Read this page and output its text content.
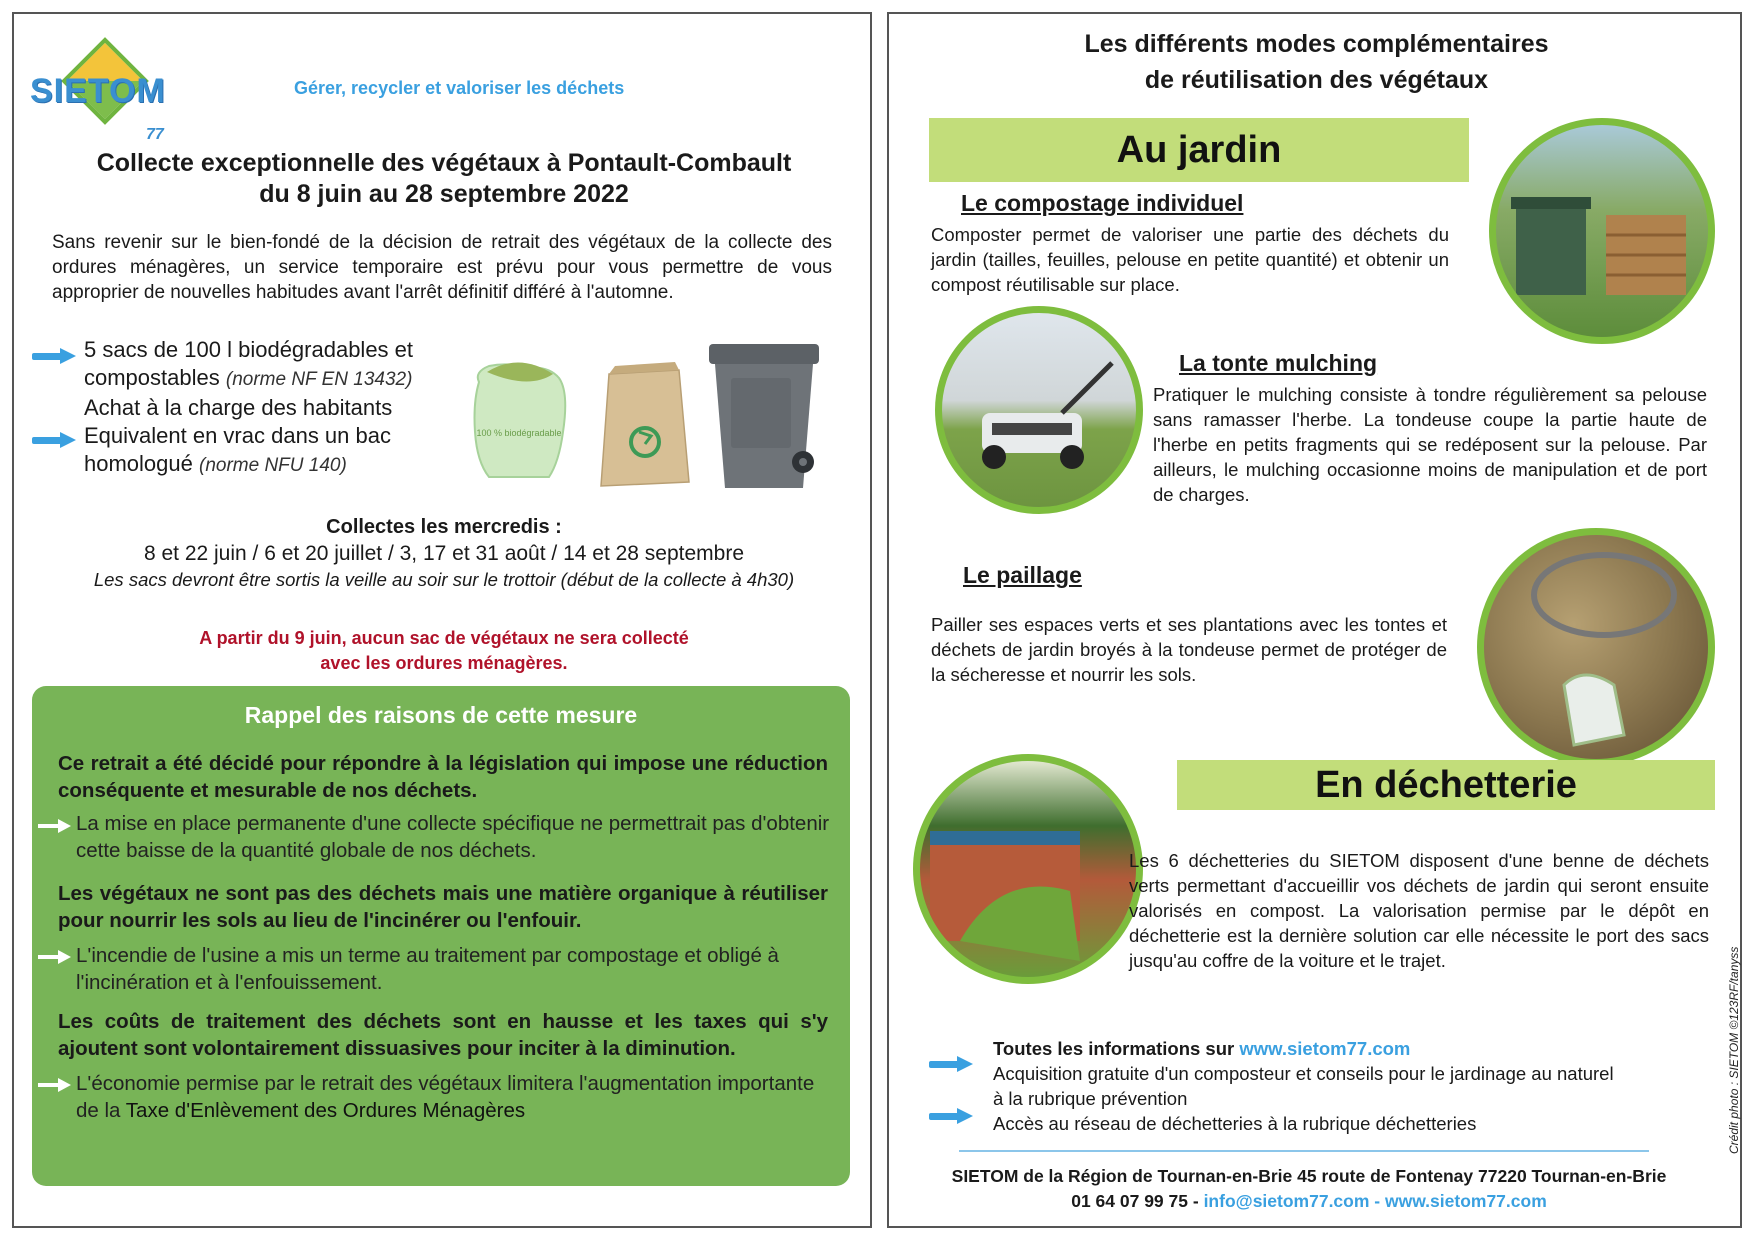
SIETOM
77
Gérer, recycler et valoriser les déchets
Collecte exceptionnelle des végétaux à Pontault-Combault
du 8 juin au 28 septembre 2022
Sans revenir sur le bien-fondé de la décision de retrait des végétaux de la collecte des ordures ménagères, un service temporaire est prévu pour vous permettre de vous approprier de nouvelles habitudes avant l'arrêt définitif différé à l'automne.
5 sacs de 100 l biodégradables et
compostables (norme NF EN 13432)
Achat à la charge des habitants
Equivalent en vrac dans un bac
homologué (norme NFU 140)
100 % biodégradable
Collectes les mercredis :
8 et 22 juin / 6 et 20 juillet / 3, 17 et 31 août / 14 et 28 septembre
Les sacs devront être sortis la veille au soir sur le trottoir (début de la collecte à 4h30)
A partir du 9 juin, aucun sac de végétaux ne sera collecté
avec les ordures ménagères.
Rappel des raisons de cette mesure
Ce retrait a été décidé pour répondre à la législation qui impose une réduction conséquente et mesurable de nos déchets.
La mise en place permanente d'une collecte spécifique ne permettrait pas d'obtenir cette baisse de la quantité globale de nos déchets.
Les végétaux ne sont pas des déchets mais une matière organique à réutiliser pour nourrir les sols au lieu de l'incinérer ou l'enfouir.
L'incendie de l'usine a mis un terme au traitement par compostage et obligé à l'incinération et à l'enfouissement.
Les coûts de traitement des déchets sont en hausse et les taxes qui s'y ajoutent sont volontairement dissuasives pour inciter à la diminution.
L'économie permise par le retrait des végétaux limitera l'augmentation importante de la Taxe d'Enlèvement des Ordures Ménagères
Les différents modes complémentaires
de réutilisation des végétaux
Au jardin
Le compostage individuel
Composter permet de valoriser une partie des déchets du jardin (tailles, feuilles, pelouse en petite quantité) et obtenir un compost réutilisable sur place.
La tonte mulching
Pratiquer le mulching consiste à tondre régulièrement sa pelouse sans ramasser l'herbe. La tondeuse coupe la partie haute de l'herbe en petits fragments qui se redéposent sur la pelouse. Par ailleurs, le mulching occasionne moins de manipulation et de port de charges.
Le paillage
Pailler ses espaces verts et ses plantations avec les tontes et déchets de jardin broyés à la tondeuse permet de protéger de la sécheresse et nourrir les sols.
En déchetterie
Les 6 déchetteries du SIETOM disposent d'une benne de déchets verts permettant d'accueillir vos déchets de jardin qui seront ensuite valorisés en compost. La valorisation permise par le dépôt en déchetterie est la dernière solution car elle nécessite le port des sacs jusqu'au coffre de la voiture et le trajet.
Toutes les informations sur www.sietom77.com
Acquisition gratuite d'un composteur et conseils pour le jardinage au naturel
à la rubrique prévention
Accès au réseau de déchetteries à la rubrique déchetteries
SIETOM de la Région de Tournan-en-Brie 45 route de Fontenay 77220 Tournan-en-Brie
01 64 07 99 75 - info@sietom77.com - www.sietom77.com
Crédit photo : SIETOM ©123RF/tanyss
